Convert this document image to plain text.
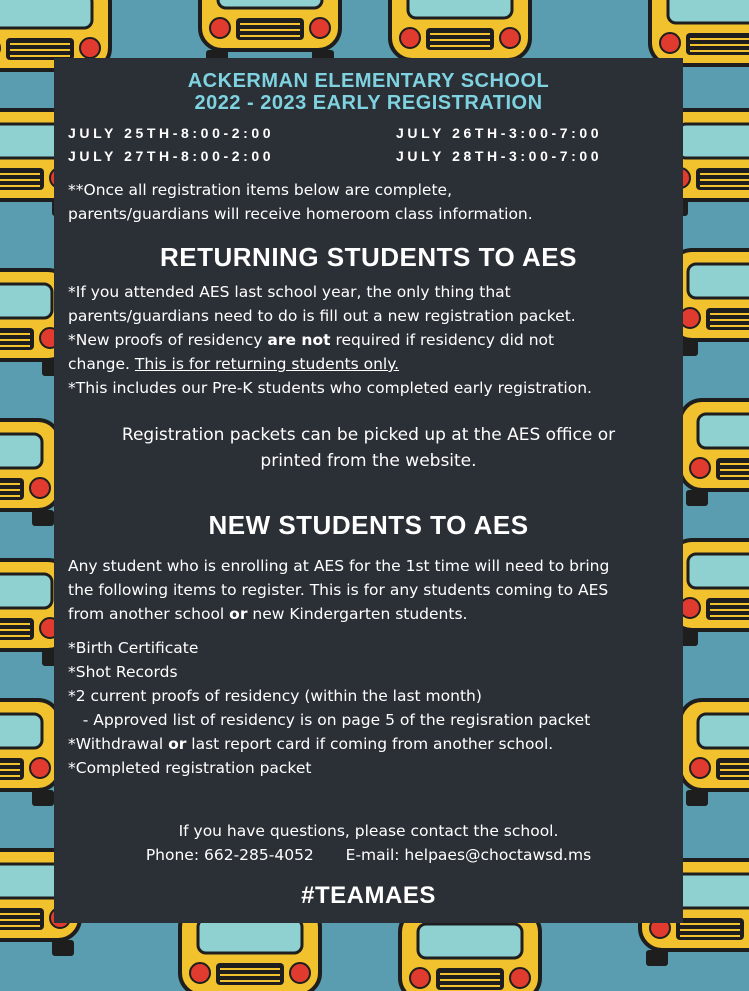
ACKERMAN ELEMENTARY SCHOOL
2022 - 2023 EARLY REGISTRATION
JULY 25TH-8:00-2:00	JULY 26TH-3:00-7:00
JULY 27TH-8:00-2:00	JULY 28TH-3:00-7:00
**Once all registration items below are complete,
parents/guardians will receive homeroom class information.
RETURNING STUDENTS TO AES
*If you attended AES last school year, the only thing that
parents/guardians need to do is fill out a new registration packet.
*New proofs of residency are not required if residency did not
change. This is for returning students only.
*This includes our Pre-K students who completed early registration.
Registration packets can be picked up at the AES office or
printed from the website.
NEW STUDENTS TO AES
Any student who is enrolling at AES for the 1st time will need to bring
the following items to register. This is for any students coming to AES
from another school or new Kindergarten students.
*Birth Certificate
*Shot Records
*2 current proofs of residency (within the last month)
- Approved list of residency is on page 5 of the regisration packet
*Withdrawal or last report card if coming from another school.
*Completed registration packet
If you have questions, please contact the school.
Phone: 662-285-4052 E-mail: helpaes@choctawsd.ms
#TEAMAES
